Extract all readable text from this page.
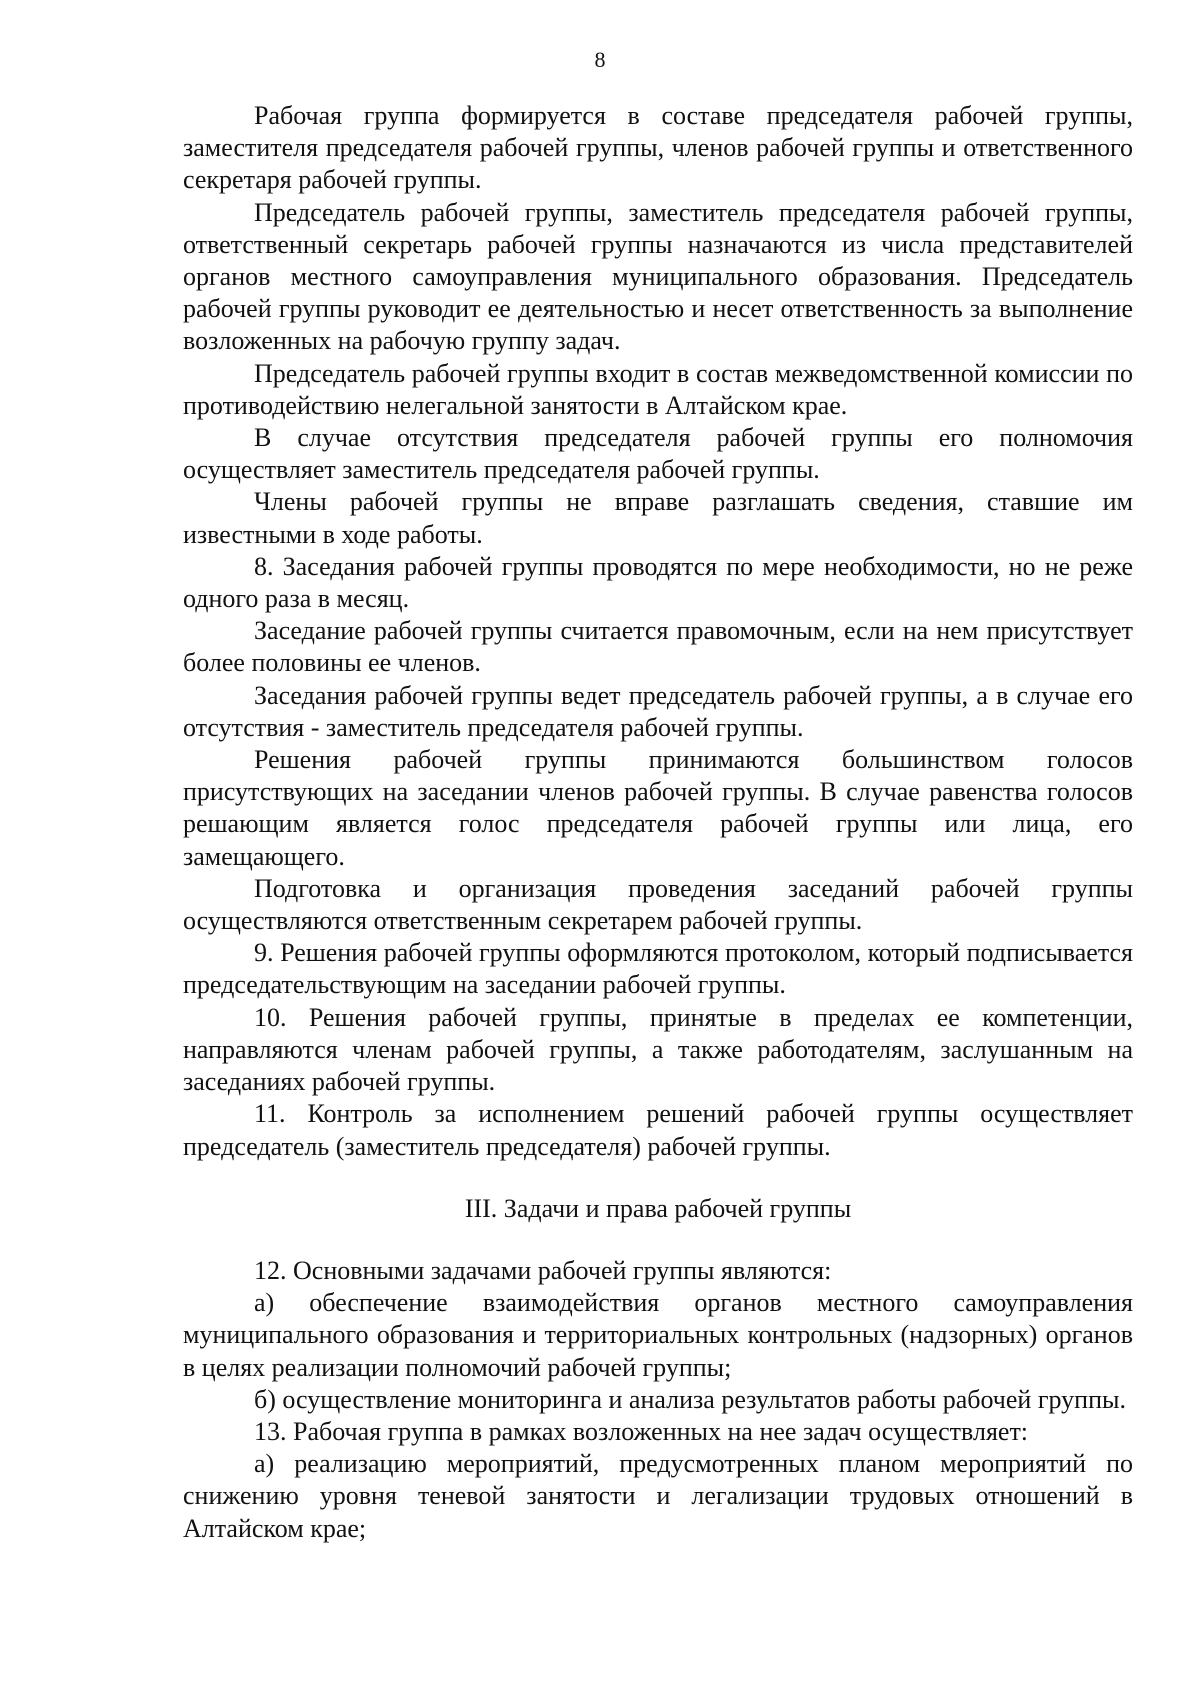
8

Рабочая группа формируется в составе председателя рабочей группы, заместителя председателя рабочей группы, членов рабочей группы и ответственного секретаря рабочей группы.

Председатель рабочей группы, заместитель председателя рабочей группы, ответственный секретарь рабочей группы назначаются из числа представителей органов местного самоуправления муниципального образования. Председатель рабочей группы руководит ее деятельностью и несет ответственность за выполнение возложенных на рабочую группу задач.

Председатель рабочей группы входит в состав межведомственной комиссии по противодействию нелегальной занятости в Алтайском крае.

В случае отсутствия председателя рабочей группы его полномочия осуществляет заместитель председателя рабочей группы.

Члены рабочей группы не вправе разглашать сведения, ставшие им известными в ходе работы.

8. Заседания рабочей группы проводятся по мере необходимости, но не реже одного раза в месяц.

Заседание рабочей группы считается правомочным, если на нем присутствует более половины ее членов.

Заседания рабочей группы ведет председатель рабочей группы, а в случае его отсутствия - заместитель председателя рабочей группы.

Решения рабочей группы принимаются большинством голосов присутствующих на заседании членов рабочей группы. В случае равенства голосов решающим является голос председателя рабочей группы или лица, его замещающего.

Подготовка и организация проведения заседаний рабочей группы осуществляются ответственным секретарем рабочей группы.

9. Решения рабочей группы оформляются протоколом, который подписывается председательствующим на заседании рабочей группы.

10. Решения рабочей группы, принятые в пределах ее компетенции, направляются членам рабочей группы, а также работодателям, заслушанным на заседаниях рабочей группы.

11. Контроль за исполнением решений рабочей группы осуществляет председатель (заместитель председателя) рабочей группы.

III. Задачи и права рабочей группы

12. Основными задачами рабочей группы являются:

а) обеспечение взаимодействия органов местного самоуправления муниципального образования и территориальных контрольных (надзорных) органов в целях реализации полномочий рабочей группы;

б) осуществление мониторинга и анализа результатов работы рабочей группы.

13. Рабочая группа в рамках возложенных на нее задач осуществляет:

а) реализацию мероприятий, предусмотренных планом мероприятий по снижению уровня теневой занятости и легализации трудовых отношений в Алтайском крае;
